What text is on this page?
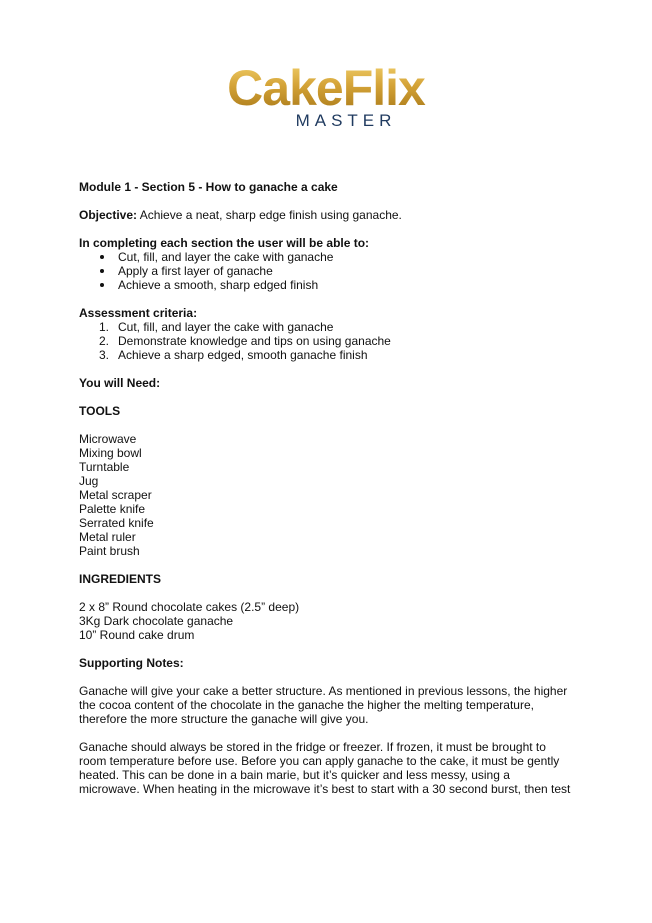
CakeFlix
MASTER

Module 1 - Section 5 - How to ganache a cake

Objective: Achieve a neat, sharp edge finish using ganache.

In completing each section the user will be able to:

Cut, fill, and layer the cake with ganache
Apply a first layer of ganache
Achieve a smooth, sharp edged finish

Assessment criteria:

1. Cut, fill, and layer the cake with ganache
2. Demonstrate knowledge and tips on using ganache
3. Achieve a sharp edged, smooth ganache finish

You will Need:

TOOLS

Microwave
Mixing bowl
Turntable
Jug
Metal scraper
Palette knife
Serrated knife
Metal ruler
Paint brush

INGREDIENTS

2 x 8” Round chocolate cakes (2.5” deep)
3Kg Dark chocolate ganache
10” Round cake drum

Supporting Notes:

Ganache will give your cake a better structure. As mentioned in previous lessons, the higher
the cocoa content of the chocolate in the ganache the higher the melting temperature,
therefore the more structure the ganache will give you.
Ganache should always be stored in the fridge or freezer. If frozen, it must be brought to
room temperature before use. Before you can apply ganache to the cake, it must be gently
heated. This can be done in a bain marie, but it’s quicker and less messy, using a
microwave. When heating in the microwave it’s best to start with a 30 second burst, then test
